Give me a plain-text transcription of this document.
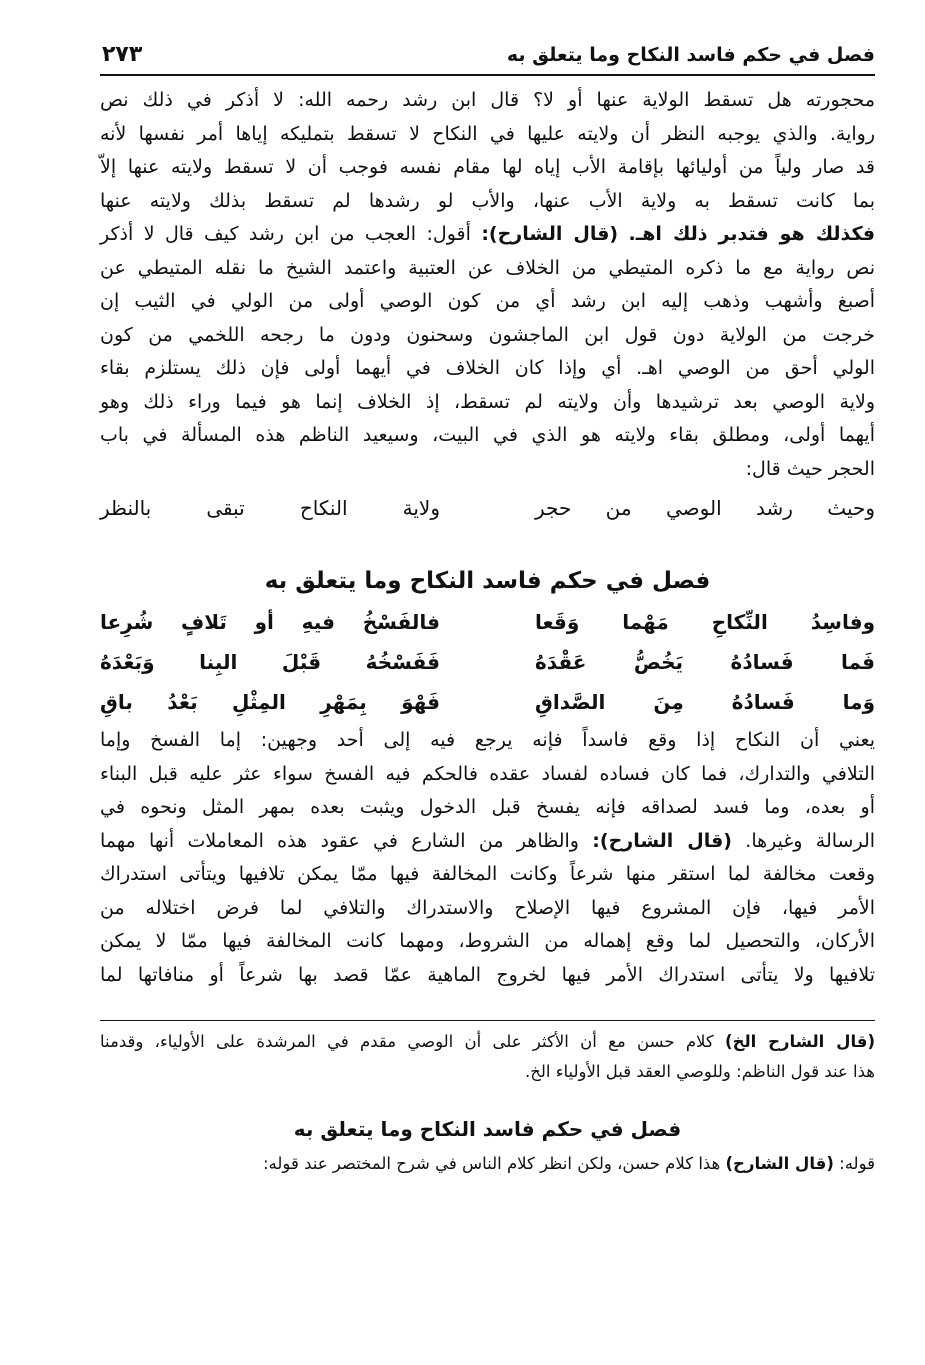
فصل في حكم فاسد النكاح وما يتعلق به
٢٧٣

محجورته هل تسقط الولاية عنها أو لا؟ قال ابن رشد رحمه الله: لا أذكر في ذلك نص
رواية. والذي يوجبه النظر أن ولايته عليها في النكاح لا تسقط بتمليكه إياها أمر نفسها لأنه
قد صار ولياً من أوليائها بإقامة الأب إياه لها مقام نفسه فوجب أن لا تسقط ولايته عنها إلاّ
بما كانت تسقط به ولاية الأب عنها، والأب لو رشدها لم تسقط بذلك ولايته عنها
فكذلك هو فتدبر ذلك اهـ. (قال الشارح): أقول: العجب من ابن رشد كيف قال لا أذكر
نص رواية مع ما ذكره المتيطي من الخلاف عن العتبية واعتمد الشيخ ما نقله المتيطي عن
أصبغ وأشهب وذهب إليه ابن رشد أي من كون الوصي أولى من الولي في الثيب إن
خرجت من الولاية دون قول ابن الماجشون وسحنون ودون ما رجحه اللخمي من كون
الولي أحق من الوصي اهـ. أي وإذا كان الخلاف في أيهما أولى فإن ذلك يستلزم بقاء
ولاية الوصي بعد ترشيدها وأن ولايته لم تسقط، إذ الخلاف إنما هو فيما وراء ذلك وهو
أيهما أولى، ومطلق بقاء ولايته هو الذي في البيت، وسيعيد الناظم هذه المسألة في باب
الحجر حيث قال:

وحيث رشد الوصي من حجر
ولاية النكاح تبقى بالنظر
فصل في حكم فاسد النكاح وما يتعلق به
وفاسِدُ النِّكاحِ مَهْما وَقَعا
فالفَسْخُ فيهِ أو تَلافٍ شُرِعا
فَما فَسادُهُ يَخُصُّ عَقْدَهُ
فَفَسْخُهُ قَبْلَ البِنا وَبَعْدَهُ
وَما فَسادُهُ مِنَ الصَّداقِ
فَهْوَ بِمَهْرِ المِثْلِ بَعْدُ باقِ

يعني أن النكاح إذا وقع فاسداً فإنه يرجع فيه إلى أحد وجهين: إما الفسخ وإما
التلافي والتدارك، فما كان فساده لفساد عقده فالحكم فيه الفسخ سواء عثر عليه قبل البناء
أو بعده، وما فسد لصداقه فإنه يفسخ قبل الدخول ويثبت بعده بمهر المثل ونحوه في
الرسالة وغيرها. (قال الشارح): والظاهر من الشارع في عقود هذه المعاملات أنها مهما
وقعت مخالفة لما استقر منها شرعاً وكانت المخالفة فيها ممّا يمكن تلافيها ويتأتى استدراك
الأمر فيها، فإن المشروع فيها الإصلاح والاستدراك والتلافي لما فرض اختلاله من
الأركان، والتحصيل لما وقع إهماله من الشروط، ومهما كانت المخالفة فيها ممّا لا يمكن
تلافيها ولا يتأتى استدراك الأمر فيها لخروج الماهية عمّا قصد بها شرعاً أو منافاتها لما

(قال الشارح الخ) كلام حسن مع أن الأكثر على أن الوصي مقدم في المرشدة على الأولياء، وقدمنا
هذا عند قول الناظم: وللوصي العقد قبل الأولياء الخ.

فصل في حكم فاسد النكاح وما يتعلق به

قوله: (قال الشارح) هذا كلام حسن، ولكن انظر كلام الناس في شرح المختصر عند قوله:
